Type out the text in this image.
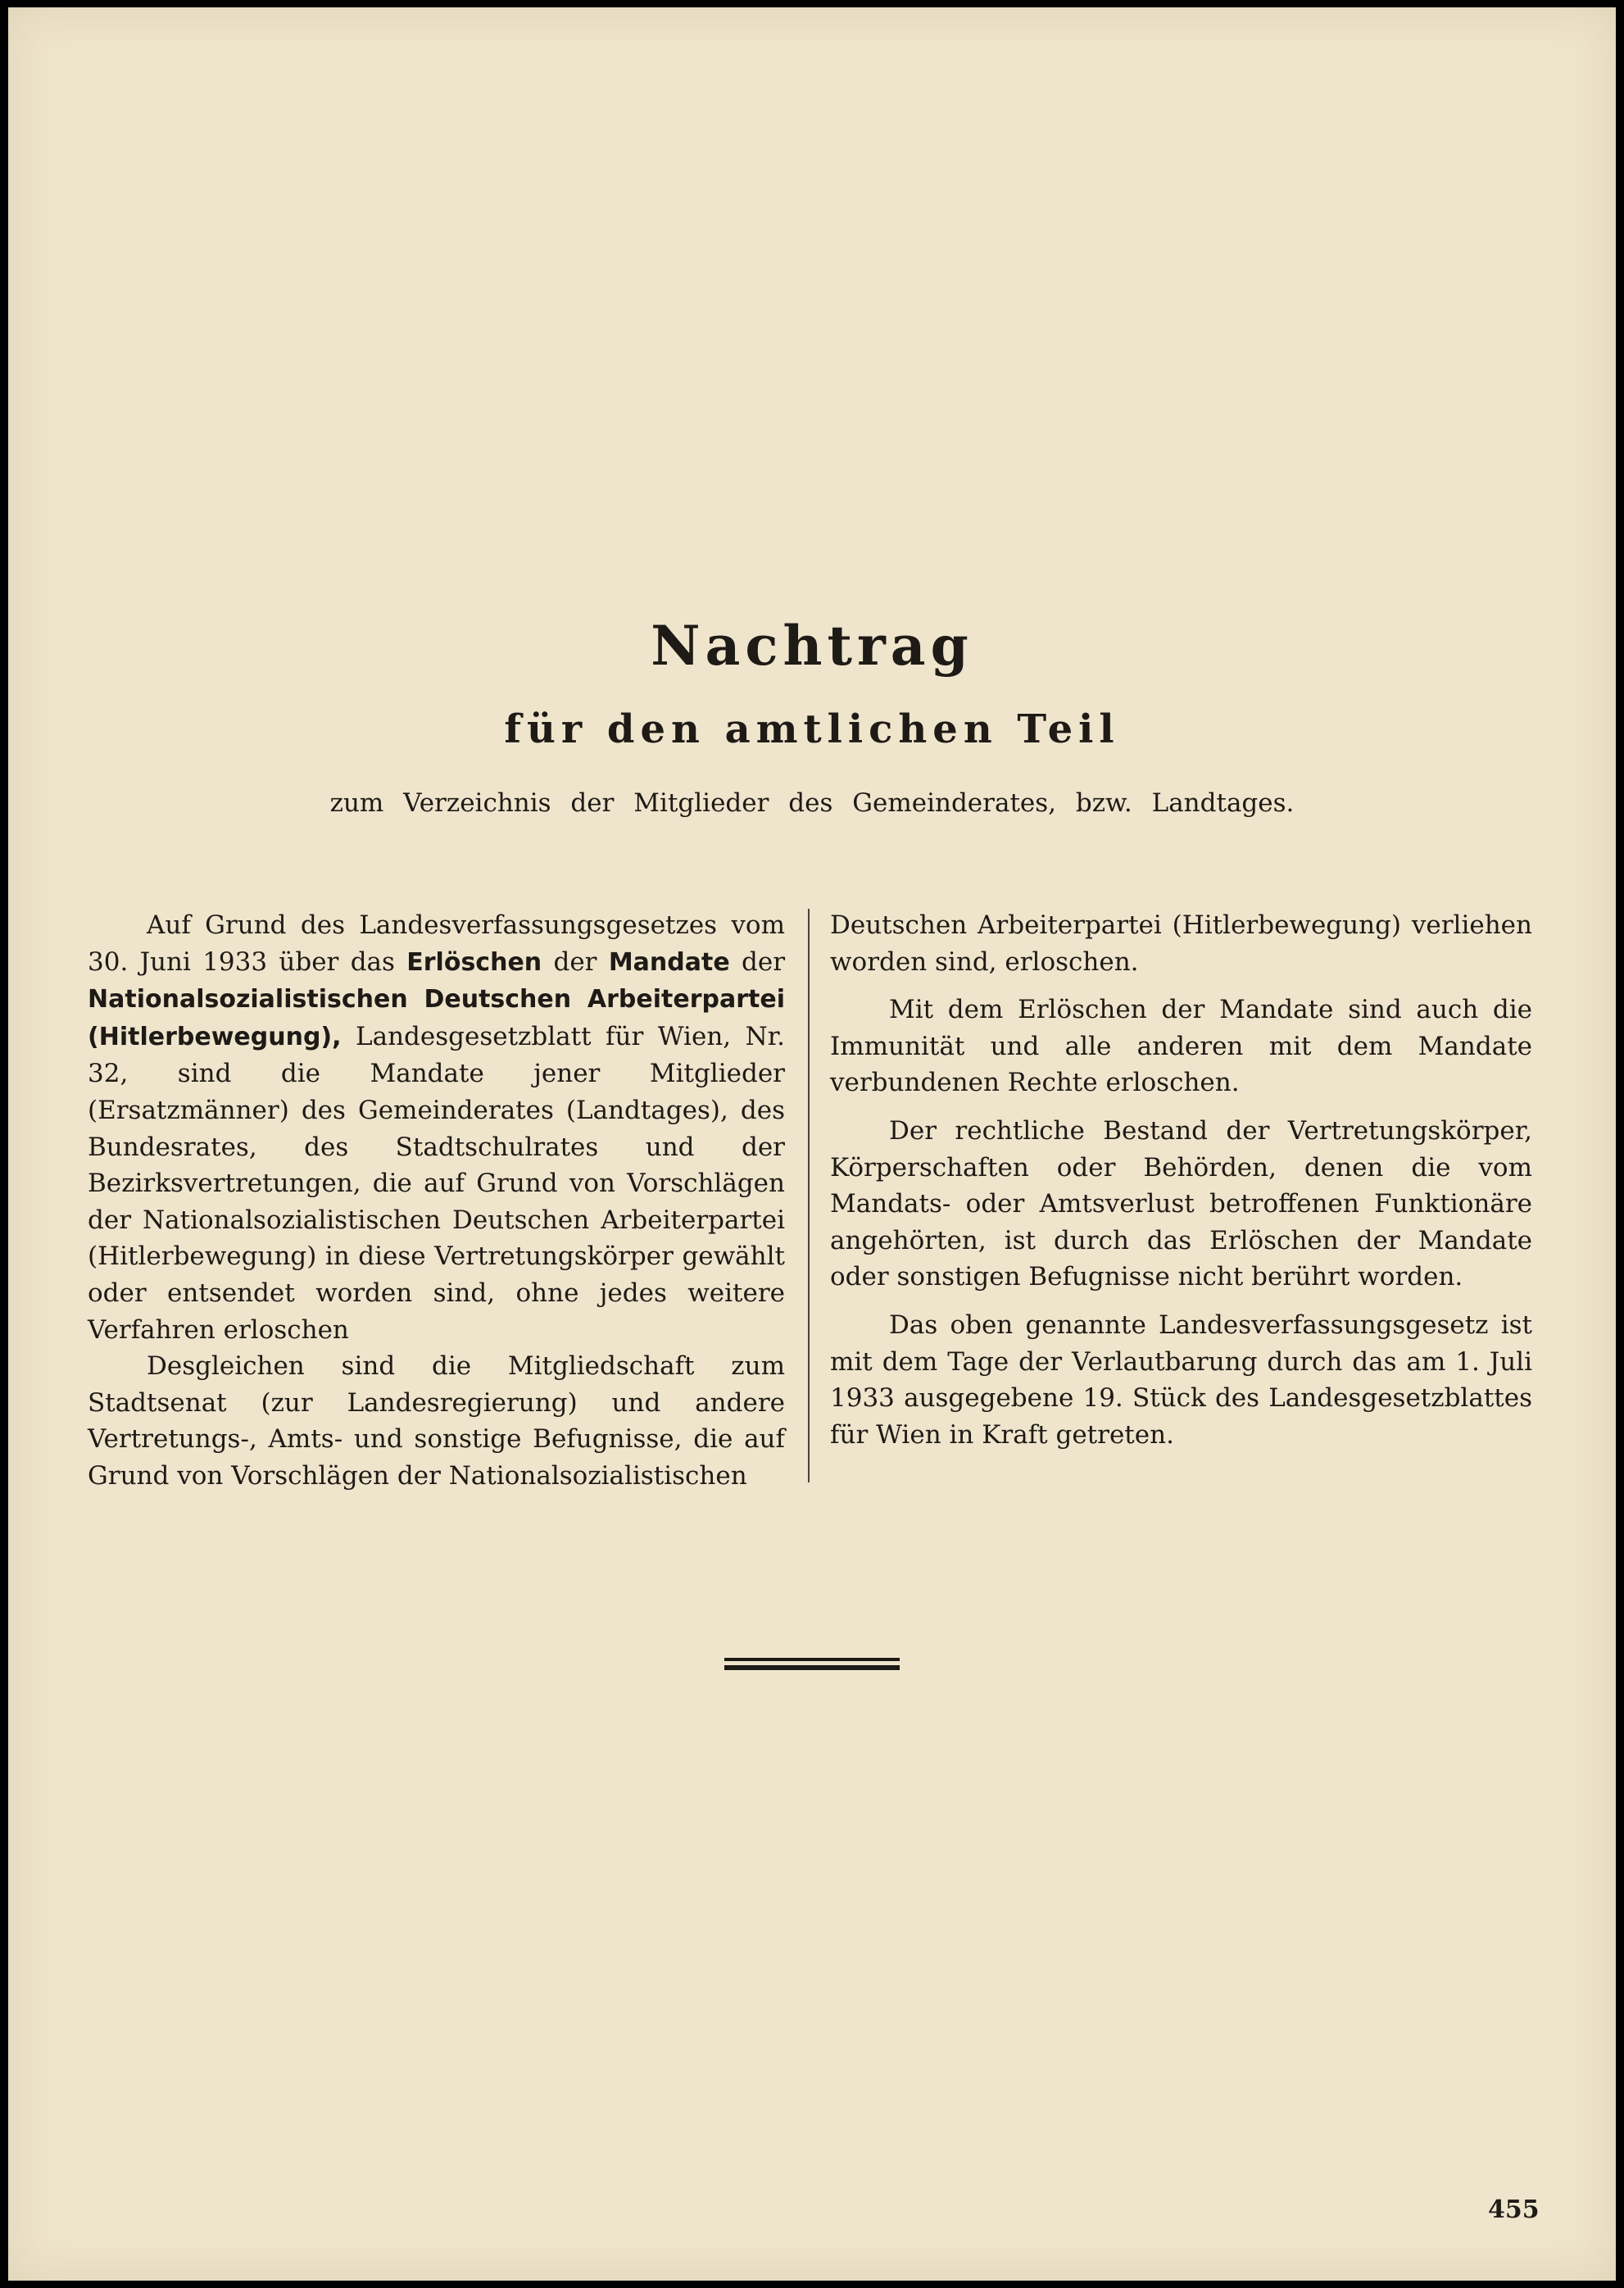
Nachtrag
für den amtlichen Teil

zum Verzeichnis der Mitglieder des Gemeinderates, bzw. Landtages.

Auf Grund des Landesverfassungsgesetzes vom 30. Juni 1933 über das Erlöschen der Mandate der Nationalsozialistischen Deutschen Arbeiterpartei (Hitlerbewegung), Landesgesetzblatt für Wien, Nr. 32, sind die Mandate jener Mitglieder (Ersatzmänner) des Gemeinderates (Landtages), des Bundesrates, des Stadtschulrates und der Bezirksvertretungen, die auf Grund von Vorschlägen der Nationalsozialistischen Deutschen Arbeiterpartei (Hitlerbewegung) in diese Vertretungskörper gewählt oder entsendet worden sind, ohne jedes weitere Verfahren erloschen

Desgleichen sind die Mitgliedschaft zum Stadtsenat (zur Landesregierung) und andere Vertretungs-, Amts- und sonstige Befugnisse, die auf Grund von Vorschlägen der Nationalsozialistischen

Deutschen Arbeiterpartei (Hitlerbewegung) verliehen worden sind, erloschen.

Mit dem Erlöschen der Mandate sind auch die Immunität und alle anderen mit dem Mandate verbundenen Rechte erloschen.

Der rechtliche Bestand der Vertretungskörper, Körperschaften oder Behörden, denen die vom Mandats- oder Amtsverlust betroffenen Funktionäre angehörten, ist durch das Erlöschen der Mandate oder sonstigen Befugnisse nicht berührt worden.

Das oben genannte Landesverfassungsgesetz ist mit dem Tage der Verlautbarung durch das am 1. Juli 1933 ausgegebene 19. Stück des Landesgesetzblattes für Wien in Kraft getreten.

455
